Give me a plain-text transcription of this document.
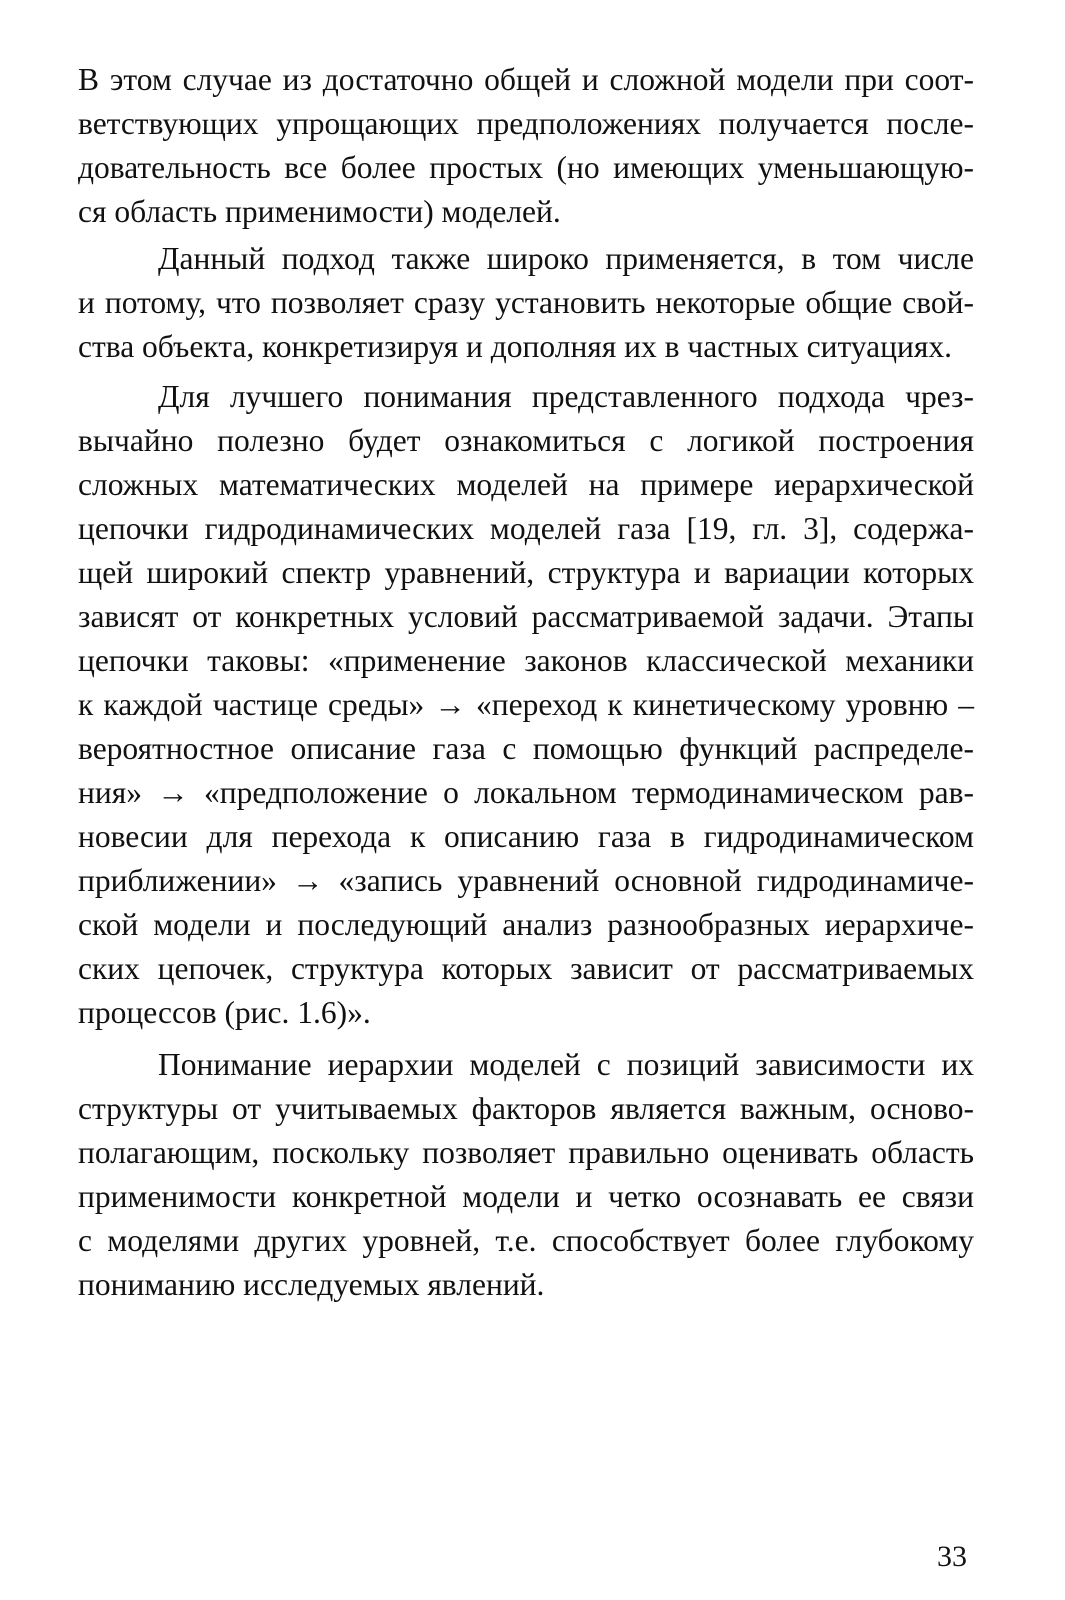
В этом случае из достаточно общей и сложной модели при соот-
ветствующих упрощающих предположениях получается после-
довательность все более простых (но имеющих уменьшающую-
ся область применимости) моделей.
Данный подход также широко применяется, в том числе
и потому, что позволяет сразу установить некоторые общие свой-
ства объекта, конкретизируя и дополняя их в частных ситуациях.
Для лучшего понимания представленного подхода чрез-
вычайно полезно будет ознакомиться с логикой построения
сложных математических моделей на примере иерархической
цепочки гидродинамических моделей газа [19, гл. 3], содержа-
щей широкий спектр уравнений, структура и вариации которых
зависят от конкретных условий рассматриваемой задачи. Этапы
цепочки таковы: «применение законов классической механики
к каждой частице среды» → «переход к кинетическому уровню –
вероятностное описание газа с помощью функций распределе-
ния» → «предположение о локальном термодинамическом рав-
новесии для перехода к описанию газа в гидродинамическом
приближении» → «запись уравнений основной гидродинамиче-
ской модели и последующий анализ разнообразных иерархиче-
ских цепочек, структура которых зависит от рассматриваемых
процессов (рис. 1.6)».
Понимание иерархии моделей с позиций зависимости их
структуры от учитываемых факторов является важным, осново-
полагающим, поскольку позволяет правильно оценивать область
применимости конкретной модели и четко осознавать ее связи
с моделями других уровней, т.е. способствует более глубокому
пониманию исследуемых явлений.
33
